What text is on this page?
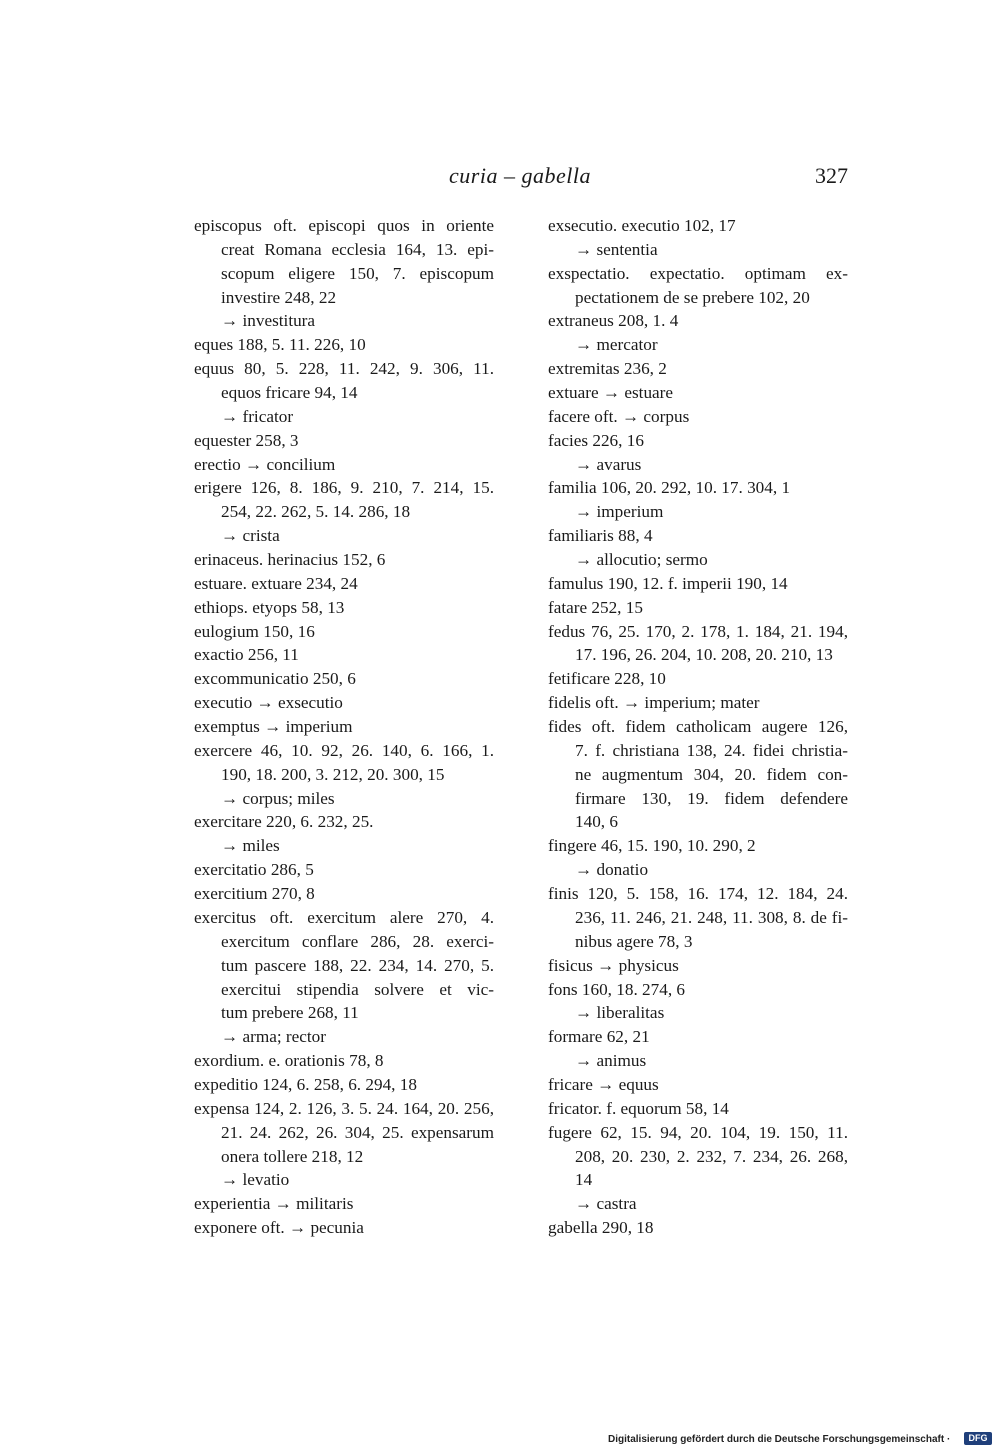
curia – gabella	327
episcopus oft. episcopi quos in oriente
creat Romana ecclesia 164, 13. epi-
scopum eligere 150, 7. episcopum
investire 248, 22
→ investitura
eques 188, 5. 11. 226, 10
equus 80, 5. 228, 11. 242, 9. 306, 11.
equos fricare 94, 14
→ fricator
equester 258, 3
erectio → concilium
erigere 126, 8. 186, 9. 210, 7. 214, 15.
254, 22. 262, 5. 14. 286, 18
→ crista
erinaceus. herinacius 152, 6
estuare. extuare 234, 24
ethiops. etyops 58, 13
eulogium 150, 16
exactio 256, 11
excommunicatio 250, 6
executio → exsecutio
exemptus → imperium
exercere 46, 10. 92, 26. 140, 6. 166, 1.
190, 18. 200, 3. 212, 20. 300, 15
→ corpus; miles
exercitare 220, 6. 232, 25.
→ miles
exercitatio 286, 5
exercitium 270, 8
exercitus oft. exercitum alere 270, 4.
exercitum conflare 286, 28. exerci-
tum pascere 188, 22. 234, 14. 270, 5.
exercitui stipendia solvere et vic-
tum prebere 268, 11
→ arma; rector
exordium. e. orationis 78, 8
expeditio 124, 6. 258, 6. 294, 18
expensa 124, 2. 126, 3. 5. 24. 164, 20. 256,
21. 24. 262, 26. 304, 25. expensarum
onera tollere 218, 12
→ levatio
experientia → militaris
exponere oft. → pecunia
exsecutio. executio 102, 17
→ sententia
exspectatio. expectatio. optimam ex-
pectationem de se prebere 102, 20
extraneus 208, 1. 4
→ mercator
extremitas 236, 2
extuare → estuare
facere oft. → corpus
facies 226, 16
→ avarus
familia 106, 20. 292, 10. 17. 304, 1
→ imperium
familiaris 88, 4
→ allocutio; sermo
famulus 190, 12. f. imperii 190, 14
fatare 252, 15
fedus 76, 25. 170, 2. 178, 1. 184, 21. 194,
17. 196, 26. 204, 10. 208, 20. 210, 13
fetificare 228, 10
fidelis oft. → imperium; mater
fides oft. fidem catholicam augere 126,
7. f. christiana 138, 24. fidei christia-
ne augmentum 304, 20. fidem con-
firmare 130, 19. fidem defendere
140, 6
fingere 46, 15. 190, 10. 290, 2
→ donatio
finis 120, 5. 158, 16. 174, 12. 184, 24.
236, 11. 246, 21. 248, 11. 308, 8. de fi-
nibus agere 78, 3
fisicus → physicus
fons 160, 18. 274, 6
→ liberalitas
formare 62, 21
→ animus
fricare → equus
fricator. f. equorum 58, 14
fugere 62, 15. 94, 20. 104, 19. 150, 11.
208, 20. 230, 2. 232, 7. 234, 26. 268,
14
→ castra
gabella 290, 18
Digitalisierung gefördert durch die Deutsche Forschungsgemeinschaft ·	DFG
